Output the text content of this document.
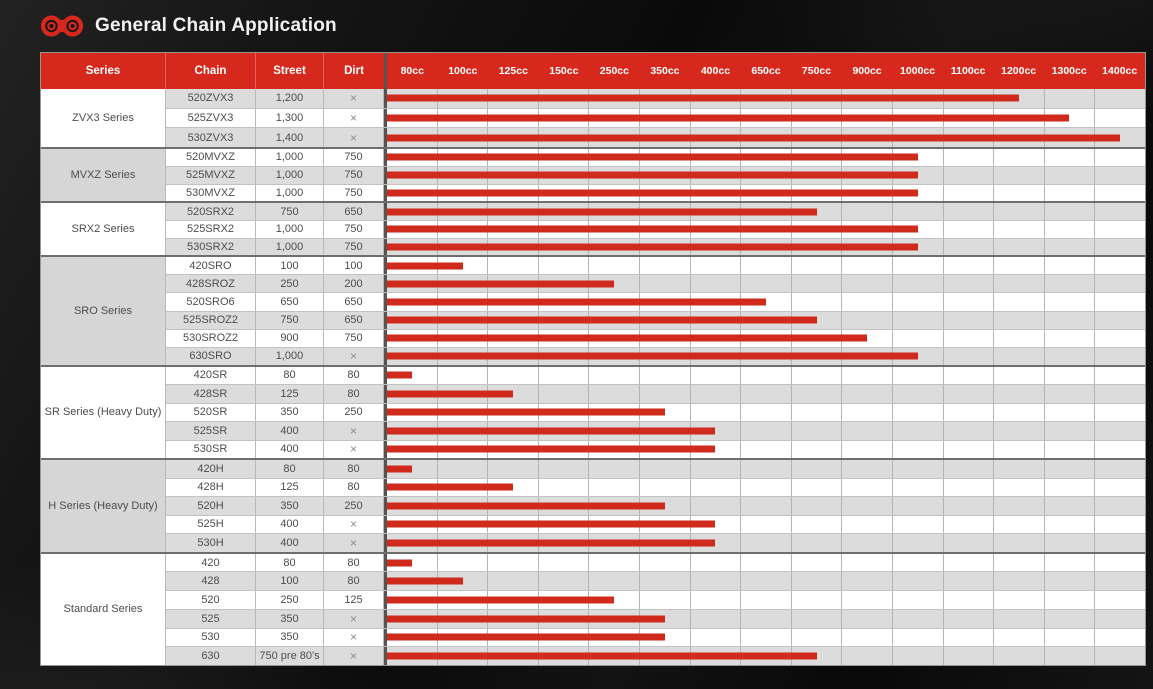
General Chain Application
Series	Chain	Street	Dirt	80cc	100cc	125cc	150cc	250cc	350cc	400cc	650cc	750cc	900cc	1000cc	1100cc	1200cc	1300cc	1400cc
ZVX3 Series
520ZVX3	1,200	×
525ZVX3	1,300	×
530ZVX3	1,400	×
MVXZ Series
520MVXZ	1,000	750
525MVXZ	1,000	750
530MVXZ	1,000	750
SRX2 Series
520SRX2	750	650
525SRX2	1,000	750
530SRX2	1,000	750
SRO Series
420SRO	100	100
428SROZ	250	200
520SRO6	650	650
525SROZ2	750	650
530SROZ2	900	750
630SRO	1,000	×
SR Series (Heavy Duty)
420SR	80	80
428SR	125	80
520SR	350	250
525SR	400	×
530SR	400	×
H Series (Heavy Duty)
420H	80	80
428H	125	80
520H	350	250
525H	400	×
530H	400	×
Standard Series
420	80	80
428	100	80
520	250	125
525	350	×
530	350	×
630	750 pre 80's	×
